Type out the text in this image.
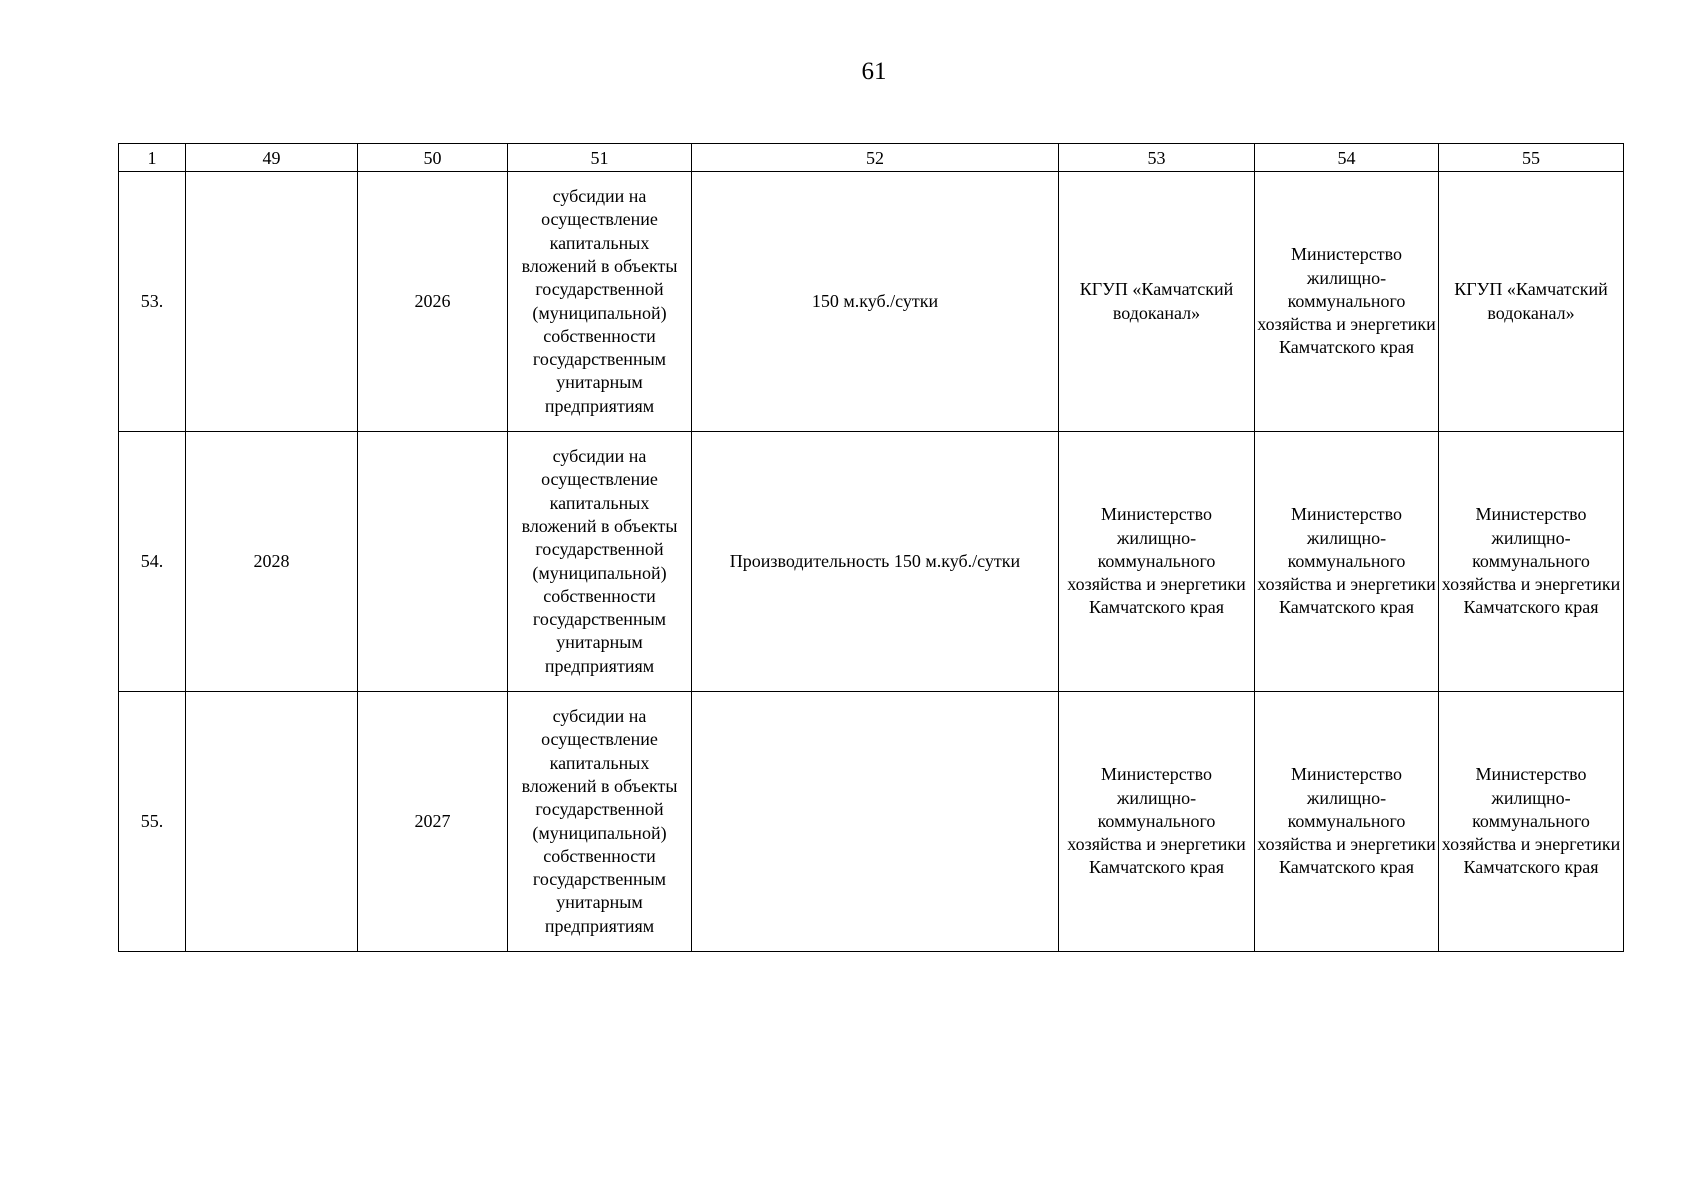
61
1	49	50	51	52	53	54	55
53.		2026	субсидии на осуществление капитальных вложений в объекты государственной (муниципальной) собственности государственным унитарным предприятиям	150 м.куб./сутки	КГУП «Камчатский водоканал»	Министерство жилищно-коммунального хозяйства и энергетики Камчатского края	КГУП «Камчатский водоканал»
54.	2028		субсидии на осуществление капитальных вложений в объекты государственной (муниципальной) собственности государственным унитарным предприятиям	Производительность 150 м.куб./сутки	Министерство жилищно-коммунального хозяйства и энергетики Камчатского края	Министерство жилищно-коммунального хозяйства и энергетики Камчатского края	Министерство жилищно-коммунального хозяйства и энергетики Камчатского края
55.		2027	субсидии на осуществление капитальных вложений в объекты государственной (муниципальной) собственности государственным унитарным предприятиям		Министерство жилищно-коммунального хозяйства и энергетики Камчатского края	Министерство жилищно-коммунального хозяйства и энергетики Камчатского края	Министерство жилищно-коммунального хозяйства и энергетики Камчатского края
